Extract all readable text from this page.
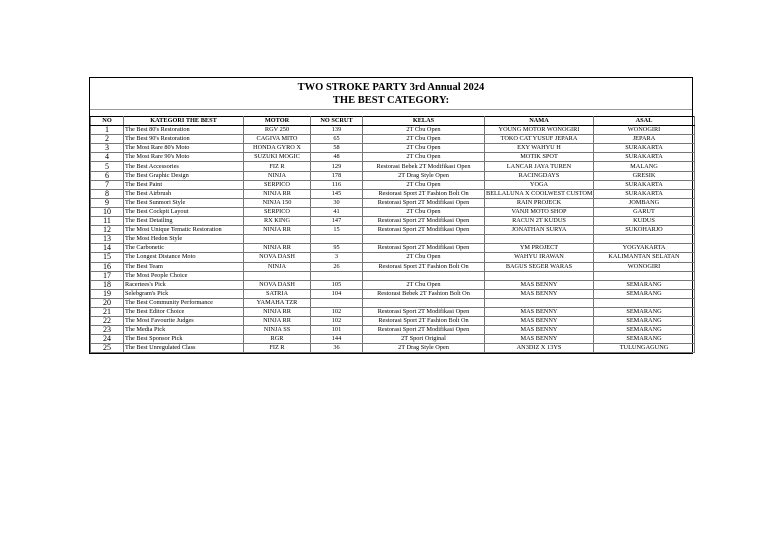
TWO STROKE PARTY 3rd Annual 2024
THE BEST CATEGORY:
NO	KATEGORI THE BEST	MOTOR	NO SCRUT	KELAS	NAMA	ASAL
1	The Best 80's Restoration	RGV 250	139	2T Cbu Open	YOUNG MOTOR WONOGIRI	WONOGIRI
2	The Best 90's Restoration	CAGIVA MITO	65	2T Cbu Open	TOKO CAT YUSUF JEPARA	JEPARA
3	The Most Rare 80's Moto	HONDA GYRO X	58	2T Cbu Open	EXY WAHYU H	SURAKARTA
4	The Most Rare 90's Moto	SUZUKI MOGIC	48	2T Cbu Open	MOTIK SPOT	SURAKARTA
5	The Best Accessories	FIZ R	129	Restorasi Bebek 2T Modifikasi Open	LANCAR JAYA TUREN	MALANG
6	The Best Graphic Design	NINJA	178	2T Drag Style Open	RACINGDAYS	GRESIK
7	The Best Paint	SERPICO	116	2T Cbu Open	YOGA	SURAKARTA
8	The Best Airbrush	NINJA RR	145	Restorasi Sport 2T Fashion Bolt On	BELLALUNA X COOLWEST CUSTOM	SURAKARTA
9	The Best Sunmori Style	NINJA 150	30	Restorasi Sport 2T Modifikasi Open	RAIN PROJECK	JOMBANG
10	The Best Cockpit Layout	SERPICO	41	2T Cbu Open	VANJI MOTO SHOP	GARUT
11	The Best Detailing	RX KING	147	Restorasi Sport 2T Modifikasi Open	RACUN 2T KUDUS	KUDUS
12	The Most Unique Tematic Restoration	NINJA RR	15	Restorasi Sport 2T Modifikasi Open	JONATHAN SURYA	SUKOHARJO
13	The Most Hedon Style					
14	The Carbonetic	NINJA RR	95	Restorasi Sport 2T Modifikasi Open	YM PROJECT	YOGYAKARTA
15	The Longest Distance Moto	NOVA DASH	3	2T Cbu Open	WAHYU IRAWAN	KALIMANTAN SELATAN
16	The Best Team	NINJA	26	Restorasi Sport 2T Fashion Bolt On	BAGUS SEGER WARAS	WONOGIRI
17	The Most People Choice					
18	Racertees's Pick	NOVA DASH	105	2T Cbu Open	MAS BENNY	SEMARANG
19	Selebgram's Pick	SATRIA	104	Restorasi Bebek 2T Fashion Bolt On	MAS BENNY	SEMARANG
20	The Best Community Performance	YAMAHA TZR				
21	The Best Editor Choice	NINJA RR	102	Restorasi Sport 2T Modifikasi Open	MAS BENNY	SEMARANG
22	The Most Favourite Judges	NINJA RR	102	Restorasi Sport 2T Fashion Bolt On	MAS BENNY	SEMARANG
23	The Media Pick	NINJA SS	101	Restorasi Sport 2T Modifikasi Open	MAS BENNY	SEMARANG
24	The Best Sponsor Pick	RGR	144	2T Sport Original	MAS BENNY	SEMARANG
25	The Best Unregulated Class	FIZ R	36	2T Drag Style Open	AN3DIZ X 13YS	TULUNGAGUNG
